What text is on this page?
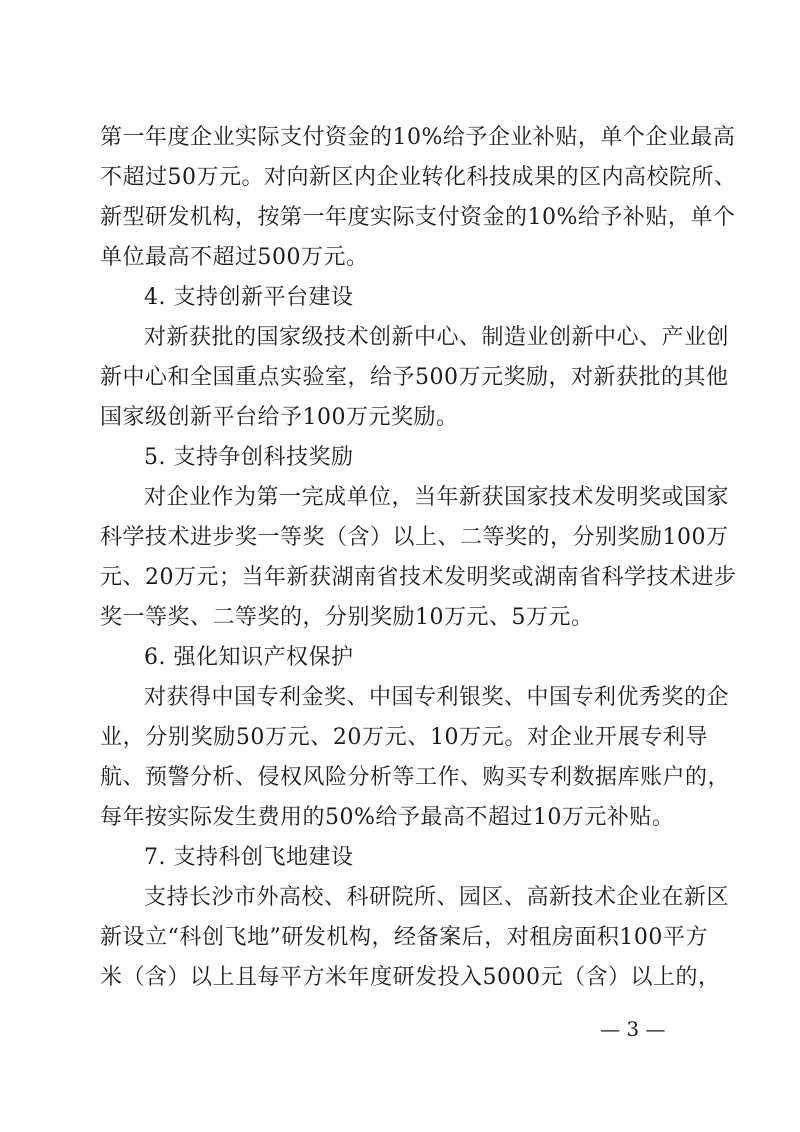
第一年度企业实际支付资金的10%给予企业补贴，单个企业最高
不超过50万元。对向新区内企业转化科技成果的区内高校院所、
新型研发机构，按第一年度实际支付资金的10%给予补贴，单个
单位最高不超过500万元。
4. 支持创新平台建设
对新获批的国家级技术创新中心、制造业创新中心、产业创
新中心和全国重点实验室，给予500万元奖励，对新获批的其他
国家级创新平台给予100万元奖励。
5. 支持争创科技奖励
对企业作为第一完成单位，当年新获国家技术发明奖或国家
科学技术进步奖一等奖（含）以上、二等奖的，分别奖励100万
元、20万元；当年新获湖南省技术发明奖或湖南省科学技术进步
奖一等奖、二等奖的，分别奖励10万元、5万元。
6. 强化知识产权保护
对获得中国专利金奖、中国专利银奖、中国专利优秀奖的企
业，分别奖励50万元、20万元、10万元。对企业开展专利导
航、预警分析、侵权风险分析等工作、购买专利数据库账户的，
每年按实际发生费用的50%给予最高不超过10万元补贴。
7. 支持科创飞地建设
支持长沙市外高校、科研院所、园区、高新技术企业在新区
新设立“科创飞地”研发机构，经备案后，对租房面积100平方
米（含）以上且每平方米年度研发投入5000元（含）以上的，
— 3 —
